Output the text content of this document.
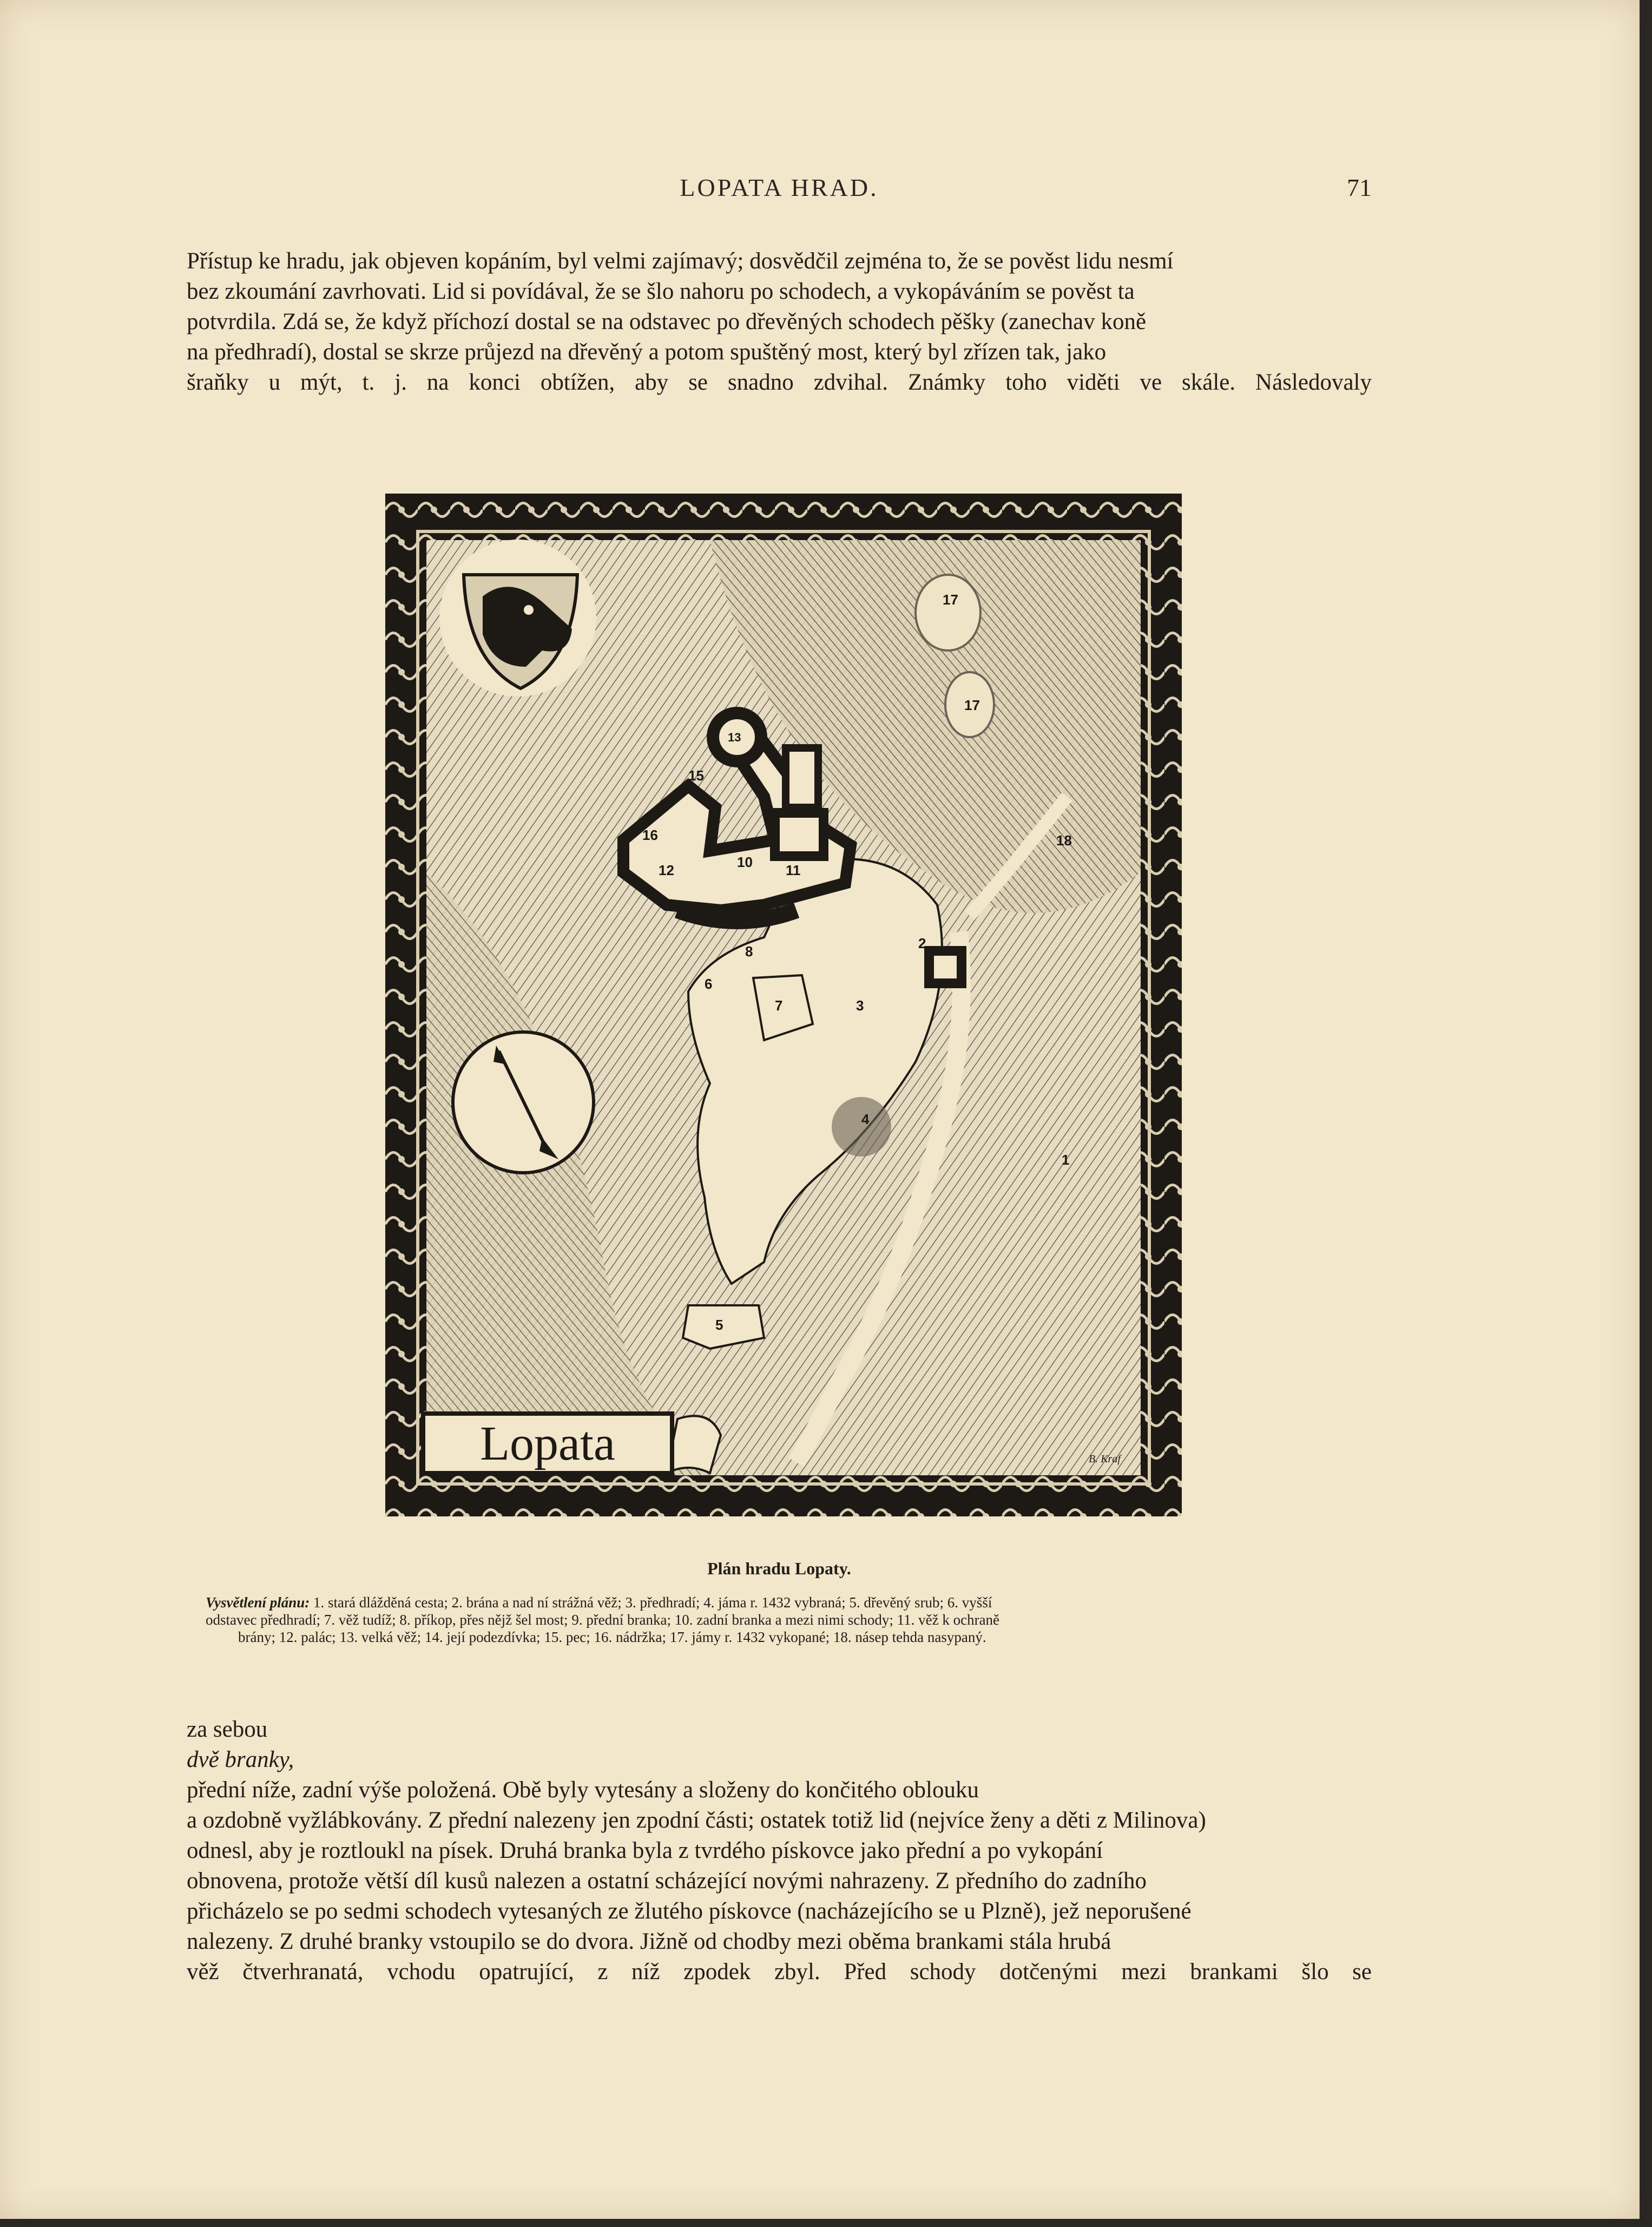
LOPATA HRAD.	71
Přístup ke hradu, jak objeven kopáním, byl velmi zajímavý; dosvědčil zejména to, že se pověst lidu nesmí
bez zkoumání zavrhovati. Lid si povídával, že se šlo nahoru po schodech, a vykopáváním se pověst ta
potvrdila. Zdá se, že když příchozí dostal se na odstavec po dřevěných schodech pěšky (zanechav koně
na předhradí), dostal se skrze průjezd na dřevěný a potom spuštěný most, který byl zřízen tak, jako
šraňky u mýt, t. j. na konci obtížen, aby se snadno zdvihal. Známky toho viděti ve skále. Následovaly
1
2
3
4
5
6
7
8
10 11
12
13
15
16
17
17
18
Lopata	B. Kraf
Plán hradu Lopaty.
Vysvětlení plánu: 1. stará dlážděná cesta; 2. brána a nad ní strážná věž; 3. předhradí; 4. jáma r. 1432 vybraná; 5. dřevěný srub; 6. vyšší
odstavec předhradí; 7. věž tudíž; 8. příkop, přes nějž šel most; 9. přední branka; 10. zadní branka a mezi nimi schody; 11. věž k ochraně
brány; 12. palác; 13. velká věž; 14. její podezdívka; 15. pec; 16. nádržka; 17. jámy r. 1432 vykopané; 18. násep tehda nasypaný.
za sebou
dvě branky,
přední níže, zadní výše položená. Obě byly vytesány a složeny do končitého oblouku
a ozdobně vyžlábkovány. Z přední nalezeny jen zpodní části; ostatek totiž lid (nejvíce ženy a děti z Milinova)
odnesl, aby je roztloukl na písek. Druhá branka byla z tvrdého pískovce jako přední a po vykopání
obnovena, protože větší díl kusů nalezen a ostatní scházející novými nahrazeny. Z předního do zadního
přicházelo se po sedmi schodech vytesaných ze žlutého pískovce (nacházejícího se u Plzně), jež neporušené
nalezeny. Z druhé branky vstoupilo se do dvora. Jižně od chodby mezi oběma brankami stála hrubá
věž čtverhranatá, vchodu opatrující, z níž zpodek zbyl. Před schody dotčenými mezi brankami šlo se
